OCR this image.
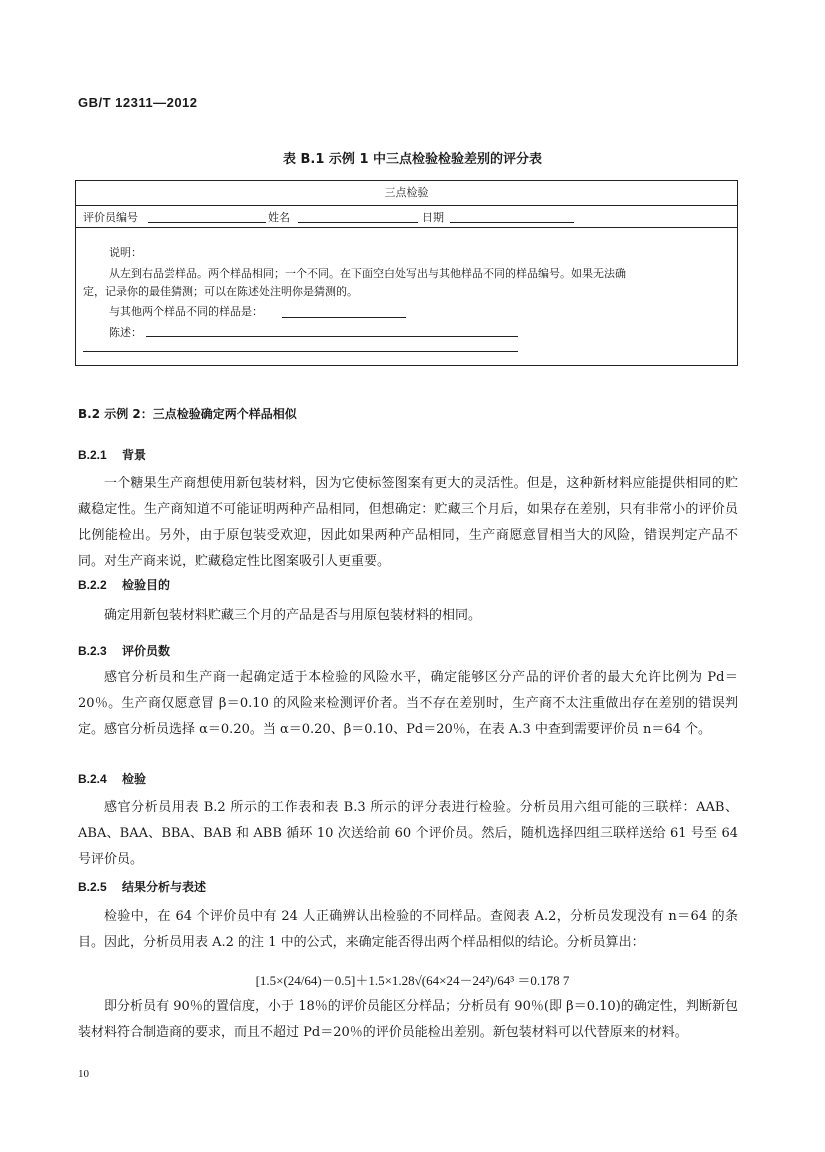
GB/T 12311—2012
表 B.1 示例 1 中三点检验检验差别的评分表
三点检验
评价员编号	姓名	日期
说明：
从左到右品尝样品。两个样品相同；一个不同。在下面空白处写出与其他样品不同的样品编号。如果无法确
定，记录你的最佳猜测；可以在陈述处注明你是猜测的。
与其他两个样品不同的样品是：
陈述：
B.2 示例 2：三点检验确定两个样品相似
B.2.1 背景
一个糖果生产商想使用新包装材料，因为它使标签图案有更大的灵活性。但是，这种新材料应能提供相同的贮藏稳定性。生产商知道不可能证明两种产品相同，但想确定：贮藏三个月后，如果存在差别，只有非常小的评价员比例能检出。另外，由于原包装受欢迎，因此如果两种产品相同，生产商愿意冒相当大的风险，错误判定产品不同。对生产商来说，贮藏稳定性比图案吸引人更重要。
B.2.2 检验目的
确定用新包装材料贮藏三个月的产品是否与用原包装材料的相同。
B.2.3 评价员数
感官分析员和生产商一起确定适于本检验的风险水平，确定能够区分产品的评价者的最大允许比例为 Pd＝20％。生产商仅愿意冒 β＝0.10 的风险来检测评价者。当不存在差别时，生产商不太注重做出存在差别的错误判定。感官分析员选择 α＝0.20。当 α＝0.20、β＝0.10、Pd＝20％，在表 A.3 中查到需要评价员 n＝64 个。
B.2.4 检验
感官分析员用表 B.2 所示的工作表和表 B.3 所示的评分表进行检验。分析员用六组可能的三联样：AAB、ABA、BAA、BBA、BAB 和 ABB 循环 10 次送给前 60 个评价员。然后，随机选择四组三联样送给 61 号至 64 号评价员。
B.2.5 结果分析与表述
检验中，在 64 个评价员中有 24 人正确辨认出检验的不同样品。查阅表 A.2，分析员发现没有 n＝64 的条目。因此，分析员用表 A.2 的注 1 中的公式，来确定能否得出两个样品相似的结论。分析员算出：
[1.5×(24/64)－0.5]＋1.5×1.28√(64×24－24²)/64³ ＝0.178 7
即分析员有 90％的置信度，小于 18％的评价员能区分样品；分析员有 90％(即 β＝0.10)的确定性，判断新包装材料符合制造商的要求，而且不超过 Pd＝20％的评价员能检出差别。新包装材料可以代替原来的材料。
10
